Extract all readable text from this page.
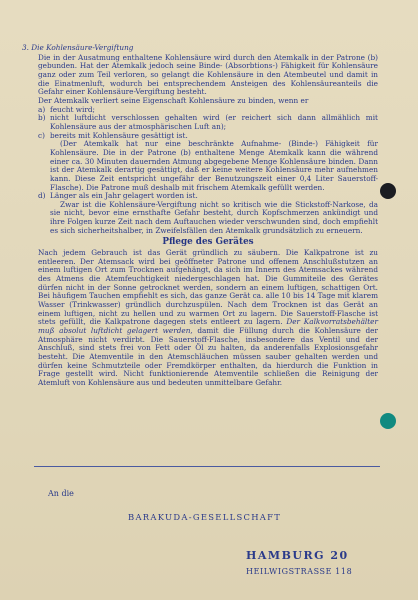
3. Die Kohlensäure-Vergiftung

Die in der Ausatmung enthaltene Kohlensäure wird durch den Atemkalk in der Patrone (b) gebunden. Hat der Atemkalk jedoch seine Binde- (Absorbtions-) Fähigkeit für Kohlensäure ganz oder zum Teil verloren, so gelangt die Kohlensäure in den Atembeutel und damit in die Einatmenluft, wodurch bei entsprechendem Ansteigen des Kohlensäureanteils die Gefahr einer Kohlensäure-Vergiftung besteht.

Der Atemkalk verliert seine Eigenschaft Kohlensäure zu binden, wenn er

a) feucht wird;
b) nicht luftdicht verschlossen gehalten wird (er reichert sich dann allmählich mit Kohlensäure aus der atmosphärischen Luft an);
c) bereits mit Kohlensäure gesättigt ist.

(Der Atemkalk hat nur eine beschränkte Aufnahme- (Binde-) Fähigkeit für Kohlensäure. Die in der Patrone (b) enthaltene Menge Atemkalk kann die während einer ca. 30 Minuten dauernden Atmung abgegebene Menge Kohlensäure binden. Dann ist der Atemkalk derartig gesättigt, daß er keine weitere Kohlensäure mehr aufnehmen kann. Diese Zeit entspricht ungefähr der Benutzungszeit einer 0,4 Liter Sauerstoff-Flasche). Die Patrone muß deshalb mit frischem Atemkalk gefüllt werden.

d) Länger als ein Jahr gelagert worden ist.

Zwar ist die Kohlensäure-Vergiftung nicht so kritisch wie die Stickstoff-Narkose, da sie nicht, bevor eine ernsthafte Gefahr besteht, durch Kopfschmerzen ankündigt und ihre Folgen kurze Zeit nach dem Auftauchen wieder verschwunden sind, doch empfiehlt es sich sicherheitshalber, in Zweifelsfällen den Atemkalk grundsätzlich zu erneuern.

Pflege des Gerätes

Nach jedem Gebrauch ist das Gerät gründlich zu säubern. Die Kalkpatrone ist zu entleeren. Der Atemsack wird bei geöffneter Patrone und offenem Anschlußstutzen an einem luftigen Ort zum Trocknen aufgehängt, da sich im Innern des Atemsackes während des Atmens die Atemfeuchtigkeit niedergeschlagen hat. Die Gummiteile des Gerätes dürfen nicht in der Sonne getrocknet werden, sondern an einem luftigen, schattigen Ort. Bei häufigem Tauchen empfiehlt es sich, das ganze Gerät ca. alle 10 bis 14 Tage mit klarem Wasser (Trinkwasser) gründlich durchzuspülen. Nach dem Trocknen ist das Gerät an einem luftigen, nicht zu hellen und zu warmen Ort zu lagern. Die Sauerstoff-Flasche ist stets gefüllt, die Kalkpatrone dagegen stets entleert zu lagern. Der Kalkvorratsbehälter muß absolut luftdicht gelagert werden, damit die Füllung durch die Kohlensäure der Atmosphäre nicht verdirbt. Die Sauerstoff-Flasche, insbesondere das Ventil und der Anschluß, sind stets frei von Fett oder Öl zu halten, da anderenfalls Explosionsgefahr besteht. Die Atemventile in den Atemschläuchen müssen sauber gehalten werden und dürfen keine Schmutzteile oder Fremdkörper enthalten, da hierdurch die Funktion in Frage gestellt wird. Nicht funktionierende Atemventile schließen die Reinigung der Atemluft von Kohlensäure aus und bedeuten unmittelbare Gefahr.

An die
BARAKUDA-GESELLSCHAFT
HAMBURG 20
HEILWIGSTRASSE 118
